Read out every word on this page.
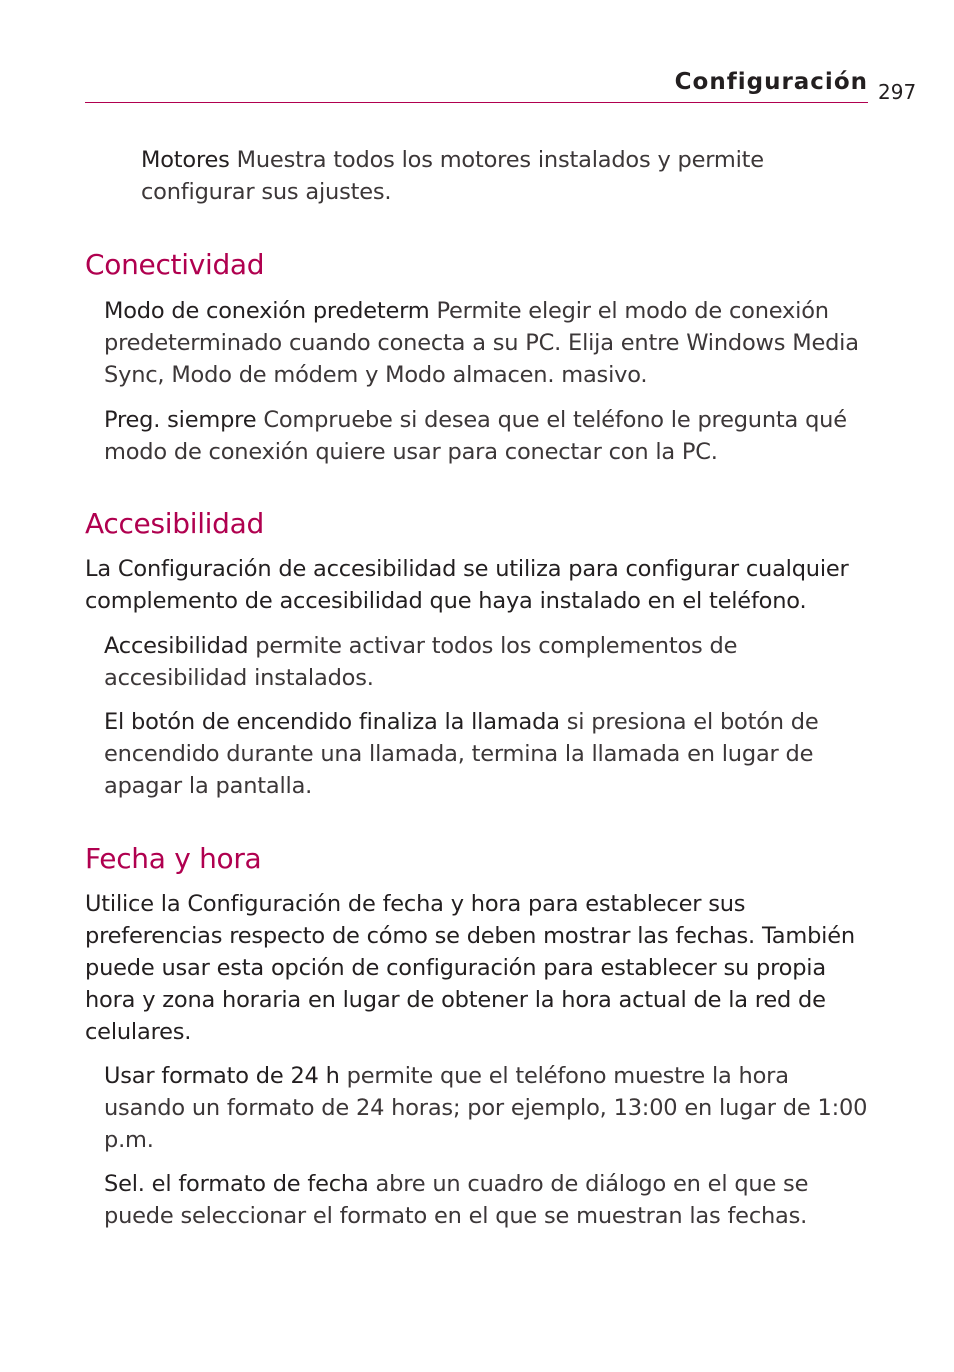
Configuración 297

Motores Muestra todos los motores instalados y permite configurar sus ajustes.

Conectividad

Modo de conexión predeterm Permite elegir el modo de conexión predeterminado cuando conecta a su PC. Elija entre Windows Media Sync, Modo de módem y Modo almacen. masivo.

Preg. siempre Compruebe si desea que el teléfono le pregunta qué modo de conexión quiere usar para conectar con la PC.

Accesibilidad

La Configuración de accesibilidad se utiliza para configurar cualquier complemento de accesibilidad que haya instalado en el teléfono.

Accesibilidad permite activar todos los complementos de accesibilidad instalados.

El botón de encendido finaliza la llamada si presiona el botón de encendido durante una llamada, termina la llamada en lugar de apagar la pantalla.

Fecha y hora

Utilice la Configuración de fecha y hora para establecer sus preferencias respecto de cómo se deben mostrar las fechas. También puede usar esta opción de configuración para establecer su propia hora y zona horaria en lugar de obtener la hora actual de la red de celulares.

Usar formato de 24 h permite que el teléfono muestre la hora usando un formato de 24 horas; por ejemplo, 13:00 en lugar de 1:00 p.m.

Sel. el formato de fecha abre un cuadro de diálogo en el que se puede seleccionar el formato en el que se muestran las fechas.
